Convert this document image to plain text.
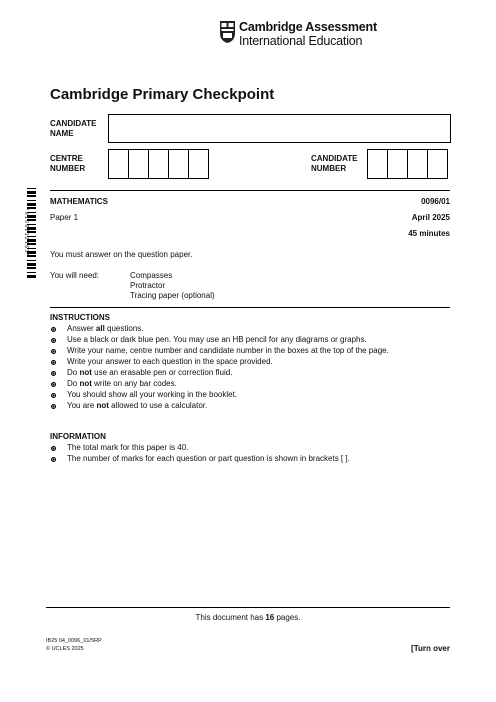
Cambridge Assessment
International Education
Cambridge Primary Checkpoint
CANDIDATE
NAME
CENTRE
NUMBER
CANDIDATE
NUMBER
* 9 1 0 6 2 1 2 1 6 3 *
MATHEMATICS	0096/01
Paper 1	April 2025
45 minutes
You must answer on the question paper.
You will need:	Compasses
Protractor
Tracing paper (optional)
INSTRUCTIONS
Answer all questions.
Use a black or dark blue pen. You may use an HB pencil for any diagrams or graphs.
Write your name, centre number and candidate number in the boxes at the top of the page.
Write your answer to each question in the space provided.
Do not use an erasable pen or correction fluid.
Do not write on any bar codes.
You should show all your working in the booklet.
You are not allowed to use a calculator.
INFORMATION
The total mark for this paper is 40.
The number of marks for each question or part question is shown in brackets [ ].
This document has 16 pages.
IB25 04_0096_01/5RP
© UCLES 2025	[Turn over
